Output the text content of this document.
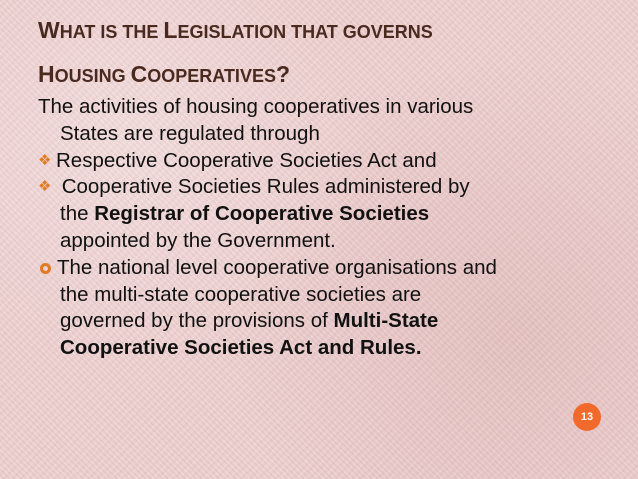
WHAT IS THE LEGISLATION THAT GOVERNS
HOUSING COOPERATIVES?
The activities of housing cooperatives in various
States are regulated through
❖ Respective Cooperative Societies Act and
❖ Cooperative Societies Rules administered by
the Registrar of Cooperative Societies
appointed by the Government.
The national level cooperative organisations and
the multi-state cooperative societies are
governed by the provisions of Multi-State
Cooperative Societies Act and Rules.
13
